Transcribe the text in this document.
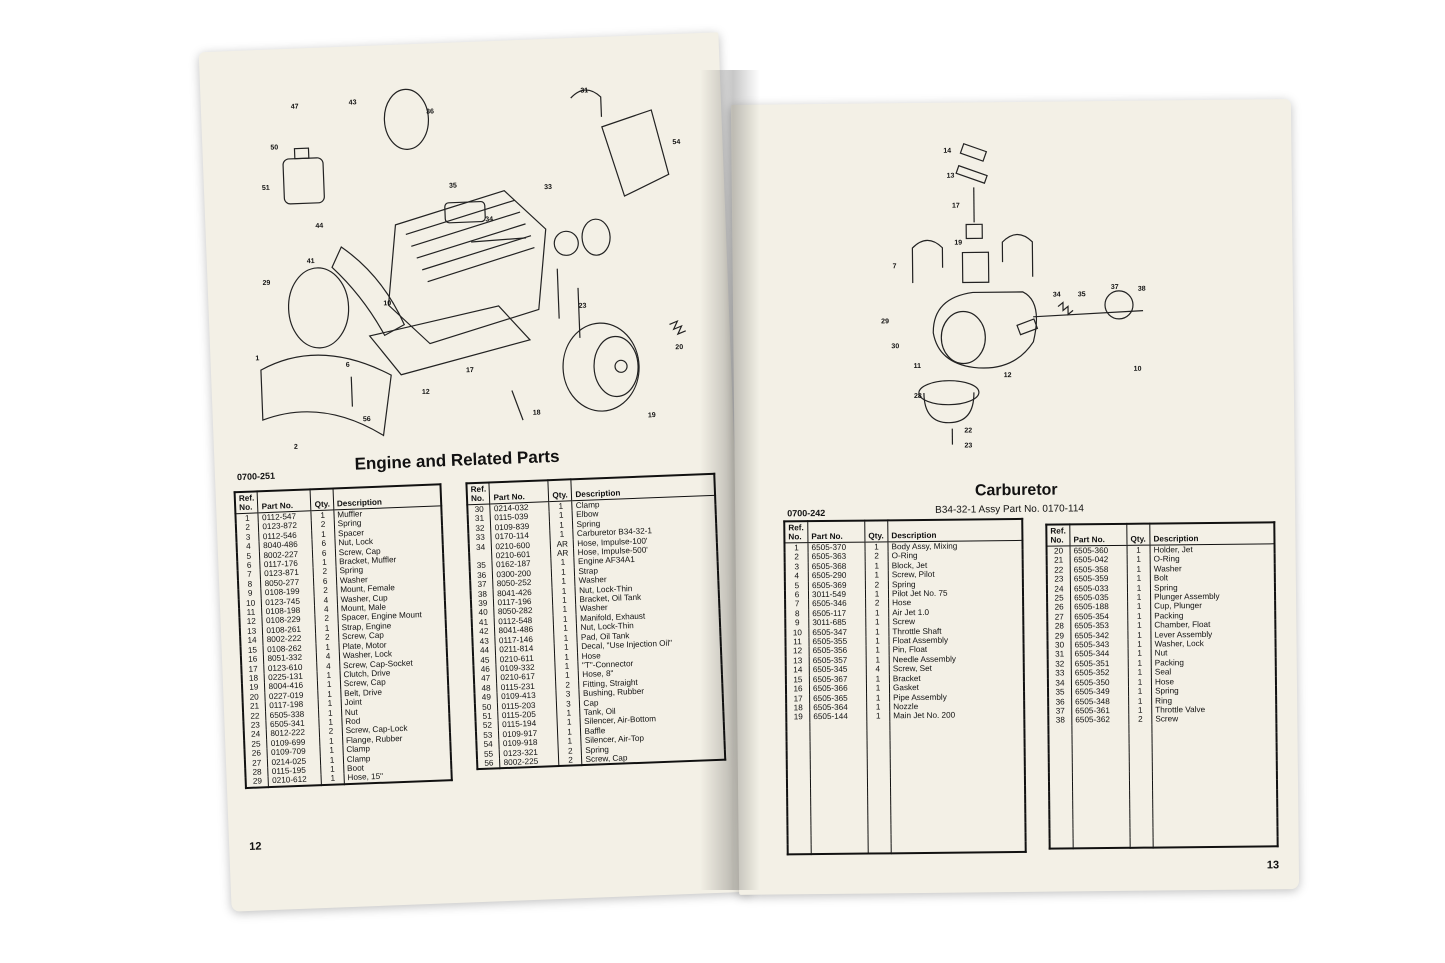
51
50
47
43
36
44
41
29
54
31
33
34
35
12
2
1
56
18	19
20
23
10
17
6
0700-251
Engine and Related Parts
Ref. No.	Part No.	Qty.	Description
1	0112-547	1	Muffler
2	0123-872	2	Spring
3	0112-546	1	Spacer
4	8040-486	6	Nut, Lock
5	8002-227	6	Screw, Cap
6	0117-176	1	Bracket, Muffler
7	0123-871	2	Spring
8	8050-277	6	Washer
9	0108-199	2	Mount, Female
10	0123-745	4	Washer, Cup
11	0108-198	4	Mount, Male
12	0108-229	2	Spacer, Engine Mount
13	0108-261	1	Strap, Engine
14	8002-222	2	Screw, Cap
15	0108-262	1	Plate, Motor
16	8051-332	4	Washer, Lock
17	0123-610	4	Screw, Cap-Socket
18	0225-131	1	Clutch, Drive
19	8004-416	1	Screw, Cap
20	0227-019	1	Belt, Drive
21	0117-198	1	Joint
22	6505-338	1	Nut
23	6505-341	1	Rod
24	8012-222	2	Screw, Cap-Lock
25	0109-699	1	Flange, Rubber
26	0109-709	1	Clamp
27	0214-025	1	Clamp
28	0115-195	1	Boot
29	0210-612	1	Hose, 15"
Ref. No.	Part No.	Qty.	Description
30	0214-032	1	Clamp
31	0115-039	1	Elbow
32	0109-839	1	Spring
33	0170-114	1	Carburetor B34-32-1
34	0210-600	AR	Hose, Impulse-100'
	0210-601	AR	Hose, Impulse-500'
35	0162-187	1	Engine AF34A1
36	0300-200	1	Strap
37	8050-252	1	Washer
38	8041-426	1	Nut, Lock-Thin
39	0117-196	1	Bracket, Oil Tank
40	8050-282	1	Washer
41	0112-548	1	Manifold, Exhaust
42	8041-486	1	Nut, Lock-Thin
43	0117-146	1	Pad, Oil Tank
44	0211-814	1	Decal, "Use Injection Oil"
45	0210-611	1	Hose
46	0109-332	1	"T"-Connector
47	0210-617	1	Hose, 8"
48	0115-231	2	Fitting, Straight
49	0109-413	3	Bushing, Rubber
50	0115-203	3	Cap
51	0115-205	1	Tank, Oil
52	0115-194	1	Silencer, Air-Bottom
53	0109-917	1	Baffle
54	0109-918	1	Silencer, Air-Top
55	0123-321	2	Spring
56	8002-225	2	Screw, Cap
12
14
13
17
19
7
29
30
34 35
37	38
10
12
11
28
22
23
Carburetor
B34-32-1 Assy Part No. 0170-114
0700-242
Ref. No.	Part No.	Qty.	Description
1	6505-370	1	Body Assy, Mixing
2	6505-363	2	O-Ring
3	6505-368	1	Block, Jet
4	6505-290	1	Screw, Pilot
5	6505-369	2	Spring
6	3011-549	1	Pilot Jet No. 75
7	6505-346	2	Hose
8	6505-117	1	Air Jet 1.0
9	3011-685	1	Screw
10	6505-347	1	Throttle Shaft
11	6505-355	1	Float Assembly
12	6505-356	1	Pin, Float
13	6505-357	1	Needle Assembly
14	6505-345	4	Screw, Set
15	6505-367	1	Bracket
16	6505-366	1	Gasket
17	6505-365	1	Pipe Assembly
18	6505-364	1	Nozzle
19	6505-144	1	Main Jet No. 200

Ref. No.	Part No.	Qty.	Description
20	6505-360	1	Holder, Jet
21	6505-042	1	O-Ring
22	6505-358	1	Washer
23	6505-359	1	Bolt
24	6505-033	1	Spring
25	6505-035	1	Plunger Assembly
26	6505-188	1	Cup, Plunger
27	6505-354	1	Packing
28	6505-353	1	Chamber, Float
29	6505-342	1	Lever Assembly
30	6505-343	1	Washer, Lock
31	6505-344	1	Nut
32	6505-351	1	Packing
33	6505-352	1	Seal
34	6505-350	1	Hose
35	6505-349	1	Spring
36	6505-348	1	Ring
37	6505-361	1	Throttle Valve
38	6505-362	2	Screw

13
